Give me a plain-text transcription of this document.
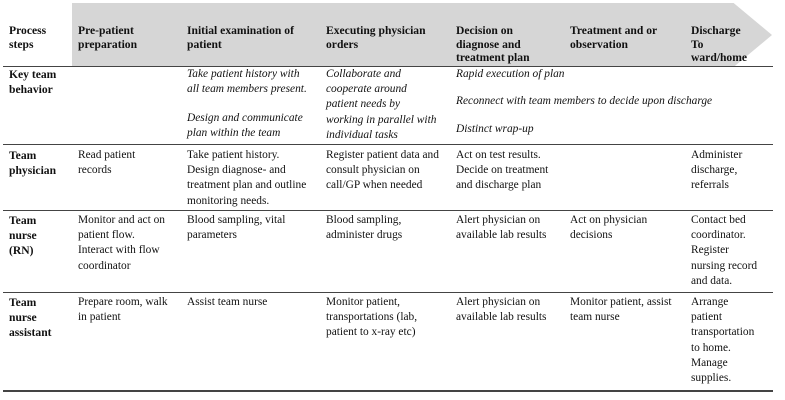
Process
steps
Pre-patient
preparation
Initial examination of
patient
Executing physician
orders
Decision on
diagnose and
treatment plan
Treatment and or
observation
Discharge
To
ward/home
Key team
behavior
Take patient history with
all team members present.
Design and communicate
plan within the team
Collaborate and
cooperate around
patient needs by
working in parallel with
individual tasks
Rapid execution of plan
Reconnect with team members to decide upon discharge
Distinct wrap-up
Team
physician
Read patient
records
Take patient history.
Design diagnose- and
treatment plan and outline
monitoring needs.
Register patient data and
consult physician on
call/GP when needed
Act on test results.
Decide on treatment
and discharge plan
Administer
discharge,
referrals
Team
nurse
(RN)
Monitor and act on
patient flow.
Interact with flow
coordinator
Blood sampling, vital
parameters
Blood sampling,
administer drugs
Alert physician on
available lab results
Act on physician
decisions
Contact bed
coordinator.
Register
nursing record
and data.
Team
nurse
assistant
Prepare room, walk
in patient
Assist team nurse	Monitor patient,
transportations (lab,
patient to x-ray etc)
Alert physician on
available lab results
Monitor patient, assist
team nurse
Arrange
patient
transportation
to home.
Manage
supplies.
